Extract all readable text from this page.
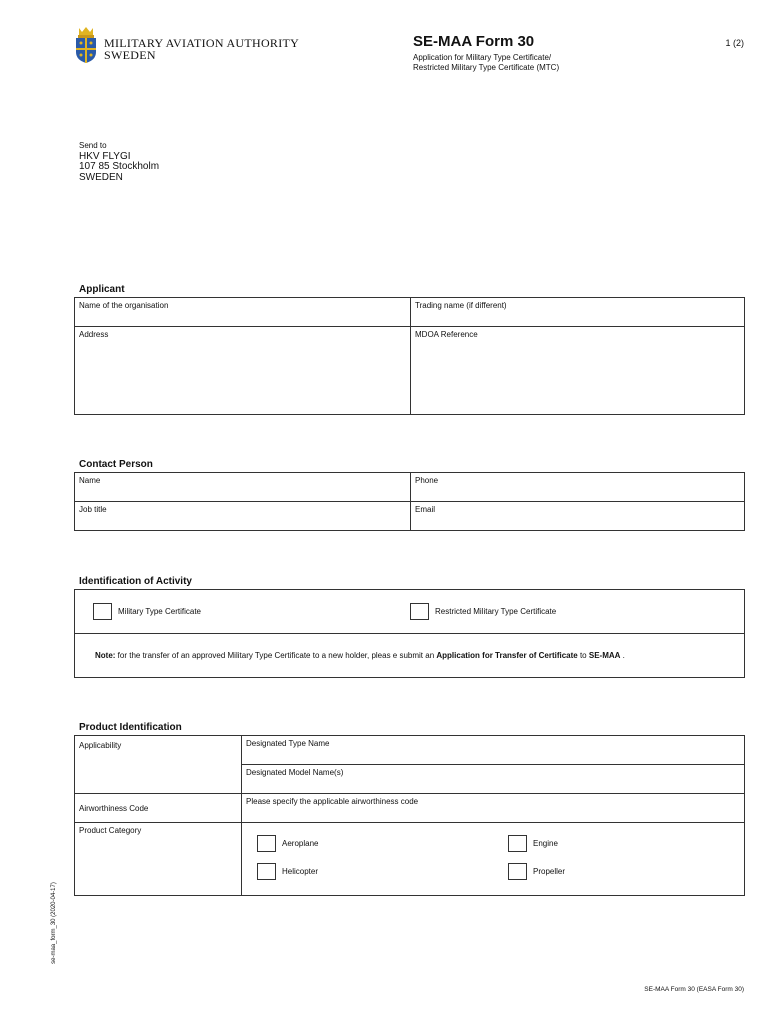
MILITARY AVIATION AUTHORITY
SWEDEN
SE-MAA Form 30	1 (2)
Application for Military Type Certificate/
Restricted Military Type Certificate (MTC)
Send to
HKV FLYGI
107 85 Stockholm
SWEDEN
Applicant
Name of the organisation	Trading name (if different)
Address	MDOA Reference
Contact Person
Name	Phone
Job title	Email
Identification of Activity
Military Type Certificate	Restricted Military Type Certificate

Note: for the transfer of an approved Military Type Certificate to a new holder, pleas e submit an Application for Transfer of Certificate to SE-MAA .
Product Identification
Applicability	Designated Type Name
	Designated Model Name(s)
Airworthiness Code	Please specify the applicable airworthiness code
Product Category	Aeroplane Engine
Helicopter Propeller
se-maa_form_30 (2020-04-17)
SE-MAA Form 30 (EASA Form 30)
